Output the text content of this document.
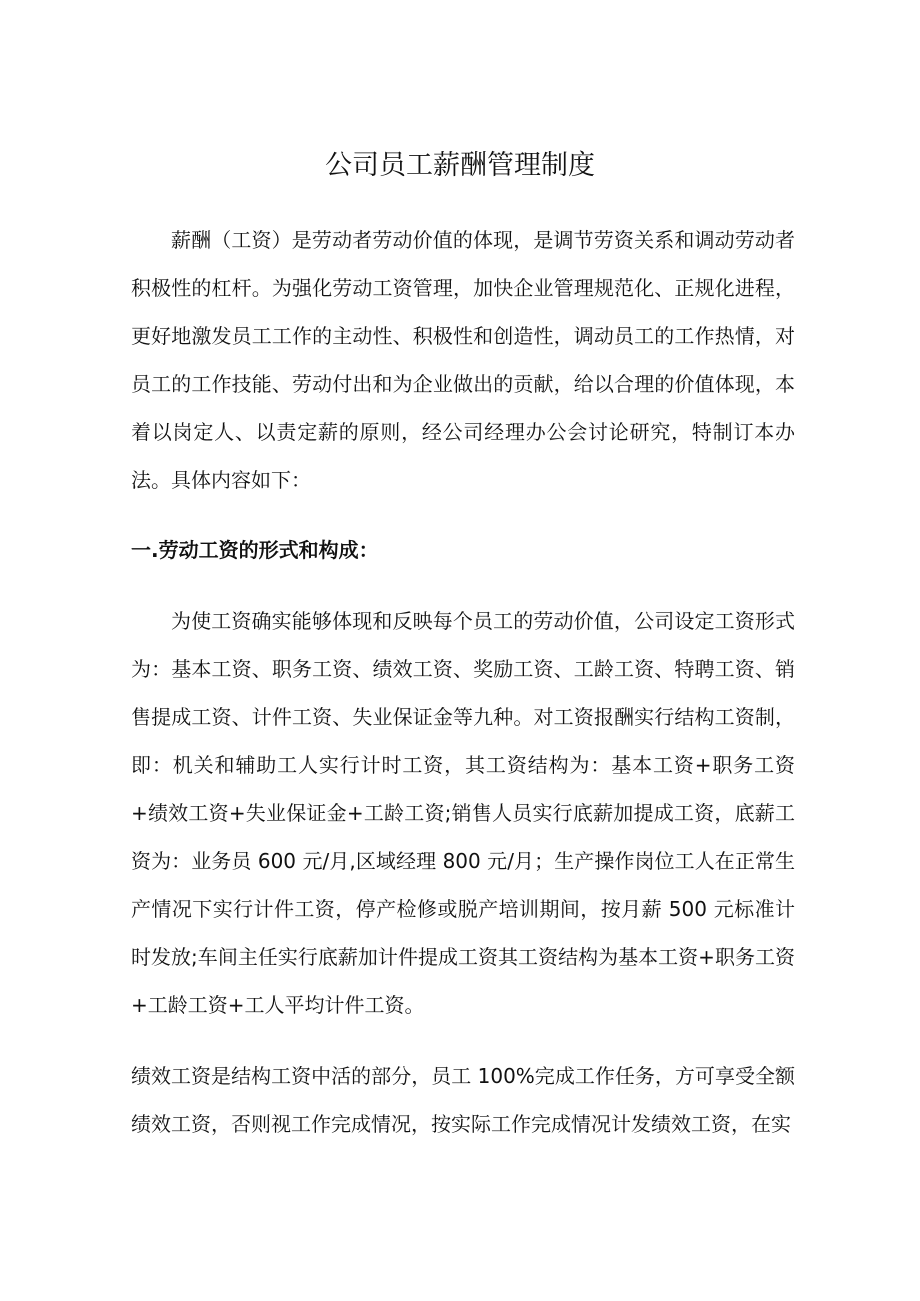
公司员工薪酬管理制度

薪酬（工资）是劳动者劳动价值的体现，是调节劳资关系和调动劳动者积极性的杠杆。为强化劳动工资管理，加快企业管理规范化、正规化进程，更好地激发员工工作的主动性、积极性和创造性，调动员工的工作热情，对员工的工作技能、劳动付出和为企业做出的贡献，给以合理的价值体现，本着以岗定人、以责定薪的原则，经公司经理办公会讨论研究，特制订本办法。具体内容如下：

一.劳动工资的形式和构成：

为使工资确实能够体现和反映每个员工的劳动价值，公司设定工资形式为：基本工资、职务工资、绩效工资、奖励工资、工龄工资、特聘工资、销售提成工资、计件工资、失业保证金等九种。对工资报酬实行结构工资制，即：机关和辅助工人实行计时工资，其工资结构为：基本工资+职务工资+绩效工资+失业保证金+工龄工资;销售人员实行底薪加提成工资，底薪工资为：业务员 600 元/月,区域经理 800 元/月；生产操作岗位工人在正常生产情况下实行计件工资，停产检修或脱产培训期间，按月薪 500 元标准计时发放;车间主任实行底薪加计件提成工资其工资结构为基本工资+职务工资+工龄工资+工人平均计件工资。

绩效工资是结构工资中活的部分，员工 100%完成工作任务，方可享受全额绩效工资，否则视工作完成情况，按实际工作完成情况计发绩效工资，在实
